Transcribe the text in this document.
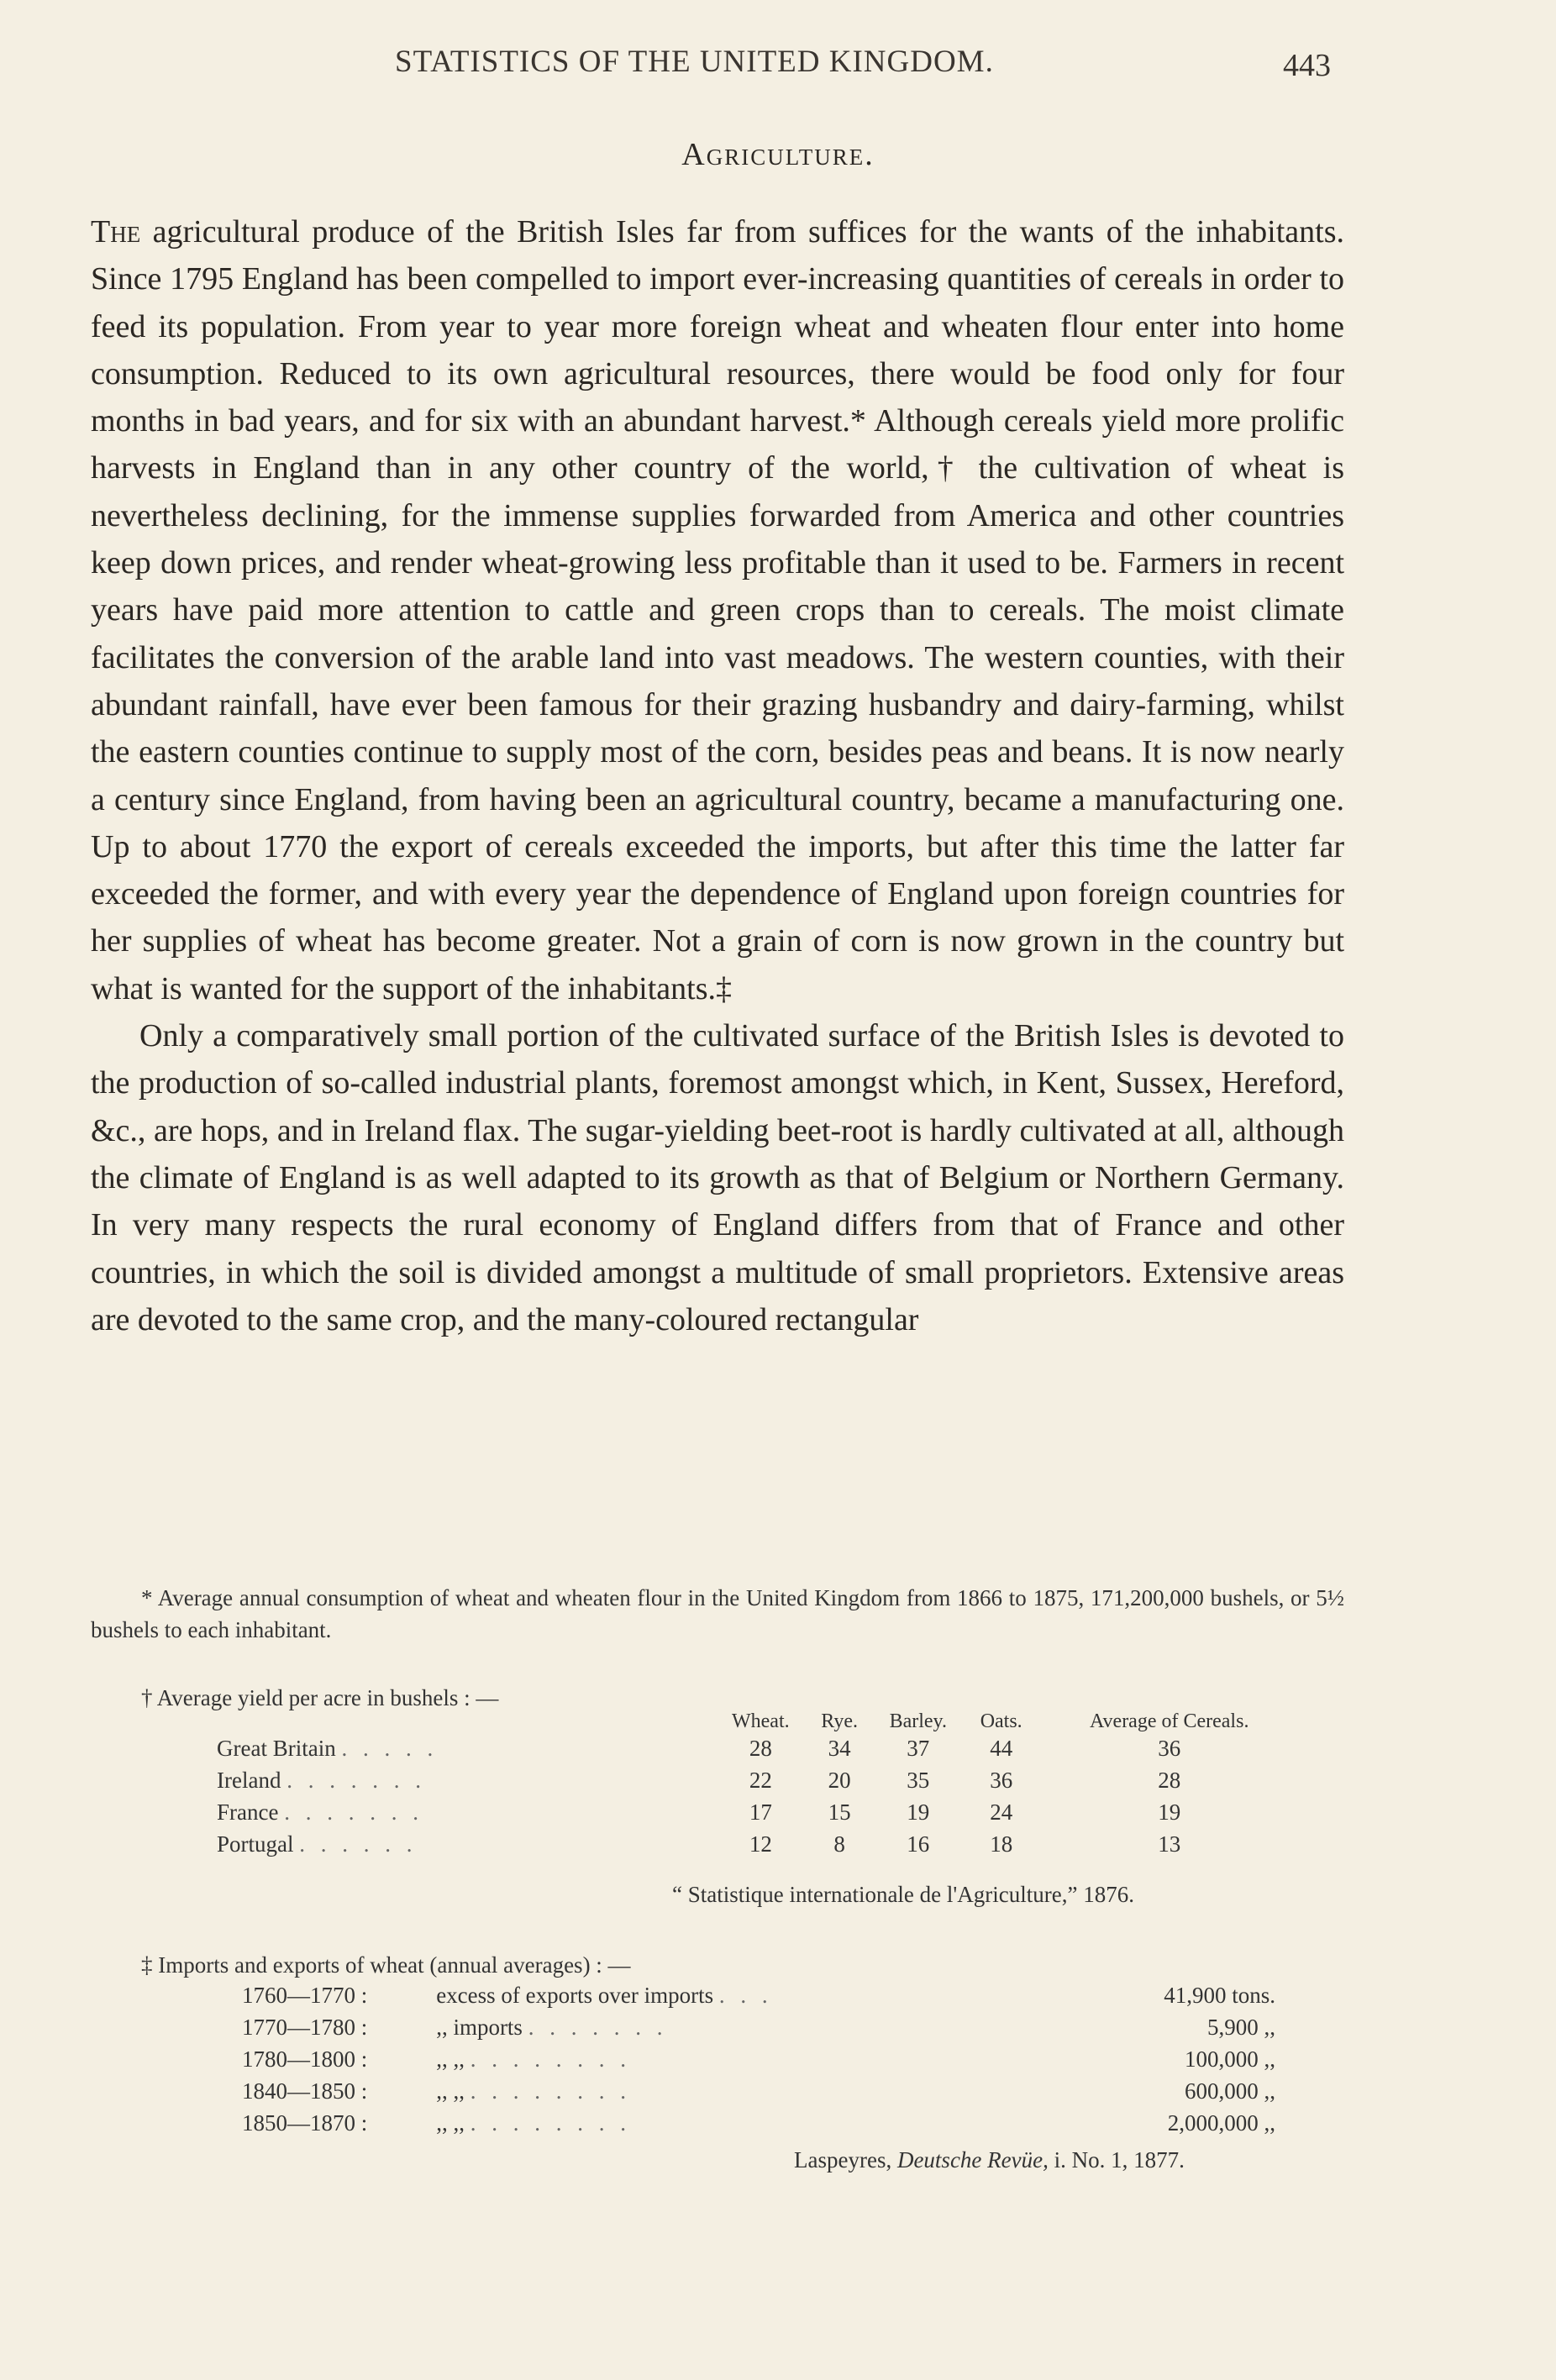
STATISTICS OF THE UNITED KINGDOM.	443
Agriculture.

The agricultural produce of the British Isles far from suffices for the wants of the inhabitants. Since 1795 England has been compelled to import ever-increasing quantities of cereals in order to feed its population. From year to year more foreign wheat and wheaten flour enter into home consumption. Reduced to its own agricultural resources, there would be food only for four months in bad years, and for six with an abundant harvest.* Although cereals yield more prolific harvests in England than in any other country of the world,† the cultivation of wheat is nevertheless declining, for the immense supplies forwarded from America and other countries keep down prices, and render wheat-growing less profitable than it used to be. Farmers in recent years have paid more attention to cattle and green crops than to cereals. The moist climate facilitates the conversion of the arable land into vast meadows. The western counties, with their abundant rainfall, have ever been famous for their grazing husbandry and dairy-farming, whilst the eastern counties continue to supply most of the corn, besides peas and beans. It is now nearly a century since England, from having been an agricultural country, became a manufacturing one. Up to about 1770 the export of cereals exceeded the imports, but after this time the latter far exceeded the former, and with every year the dependence of England upon foreign countries for her supplies of wheat has become greater. Not a grain of corn is now grown in the country but what is wanted for the support of the inhabitants.‡

Only a comparatively small portion of the cultivated surface of the British Isles is devoted to the production of so-called industrial plants, foremost amongst which, in Kent, Sussex, Hereford, &c., are hops, and in Ireland flax. The sugar-yielding beet-root is hardly cultivated at all, although the climate of England is as well adapted to its growth as that of Belgium or Northern Germany. In very many respects the rural economy of England differs from that of France and other countries, in which the soil is divided amongst a multitude of small proprietors. Extensive areas are devoted to the same crop, and the many-coloured rectangular

* Average annual consumption of wheat and wheaten flour in the United Kingdom from 1866 to 1875, 171,200,000 bushels, or 5½ bushels to each inhabitant.
† Average yield per acre in bushels : —
	Wheat.	Rye.	Barley.	Oats.	Average of Cereals.
Great Britain . . . . .	28	34	37	44	36
Ireland . . . . . . .	22	20	35	36	28
France . . . . . . .	17	15	19	24	19
Portugal . . . . . .	12	8	16	18	13
“ Statistique internationale de l'Agriculture,” 1876.
‡ Imports and exports of wheat (annual averages) : —
1760—1770 :	excess of exports over imports . . .	41,900 tons.
1770—1780 :	,, imports . . . . . . .	5,900 ,,
1780—1800 :	,, ,, . . . . . . . .	100,000 ,,
1840—1850 :	,, ,, . . . . . . . .	600,000 ,,
1850—1870 :	,, ,, . . . . . . . .	2,000,000 ,,
Laspeyres, Deutsche Revüe, i. No. 1, 1877.
